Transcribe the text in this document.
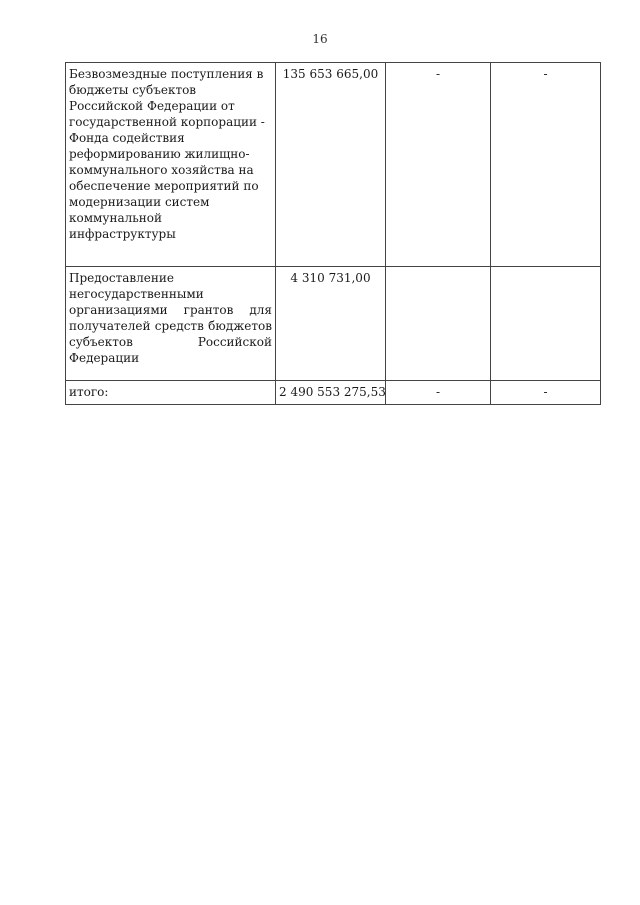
16
Безвозмездные поступления в бюджеты субъектов Российской Федерации от государственной корпорации - Фонда содействия реформированию жилищно-коммунального хозяйства на обеспечение мероприятий по модернизации систем коммунальной инфраструктуры	135 653 665,00	-	-
Предоставление негосударственными организациями грантов для получателей средств бюджетов субъектов Российской Федерации	4 310 731,00		
итого:	2 490 553 275,53	-	-
